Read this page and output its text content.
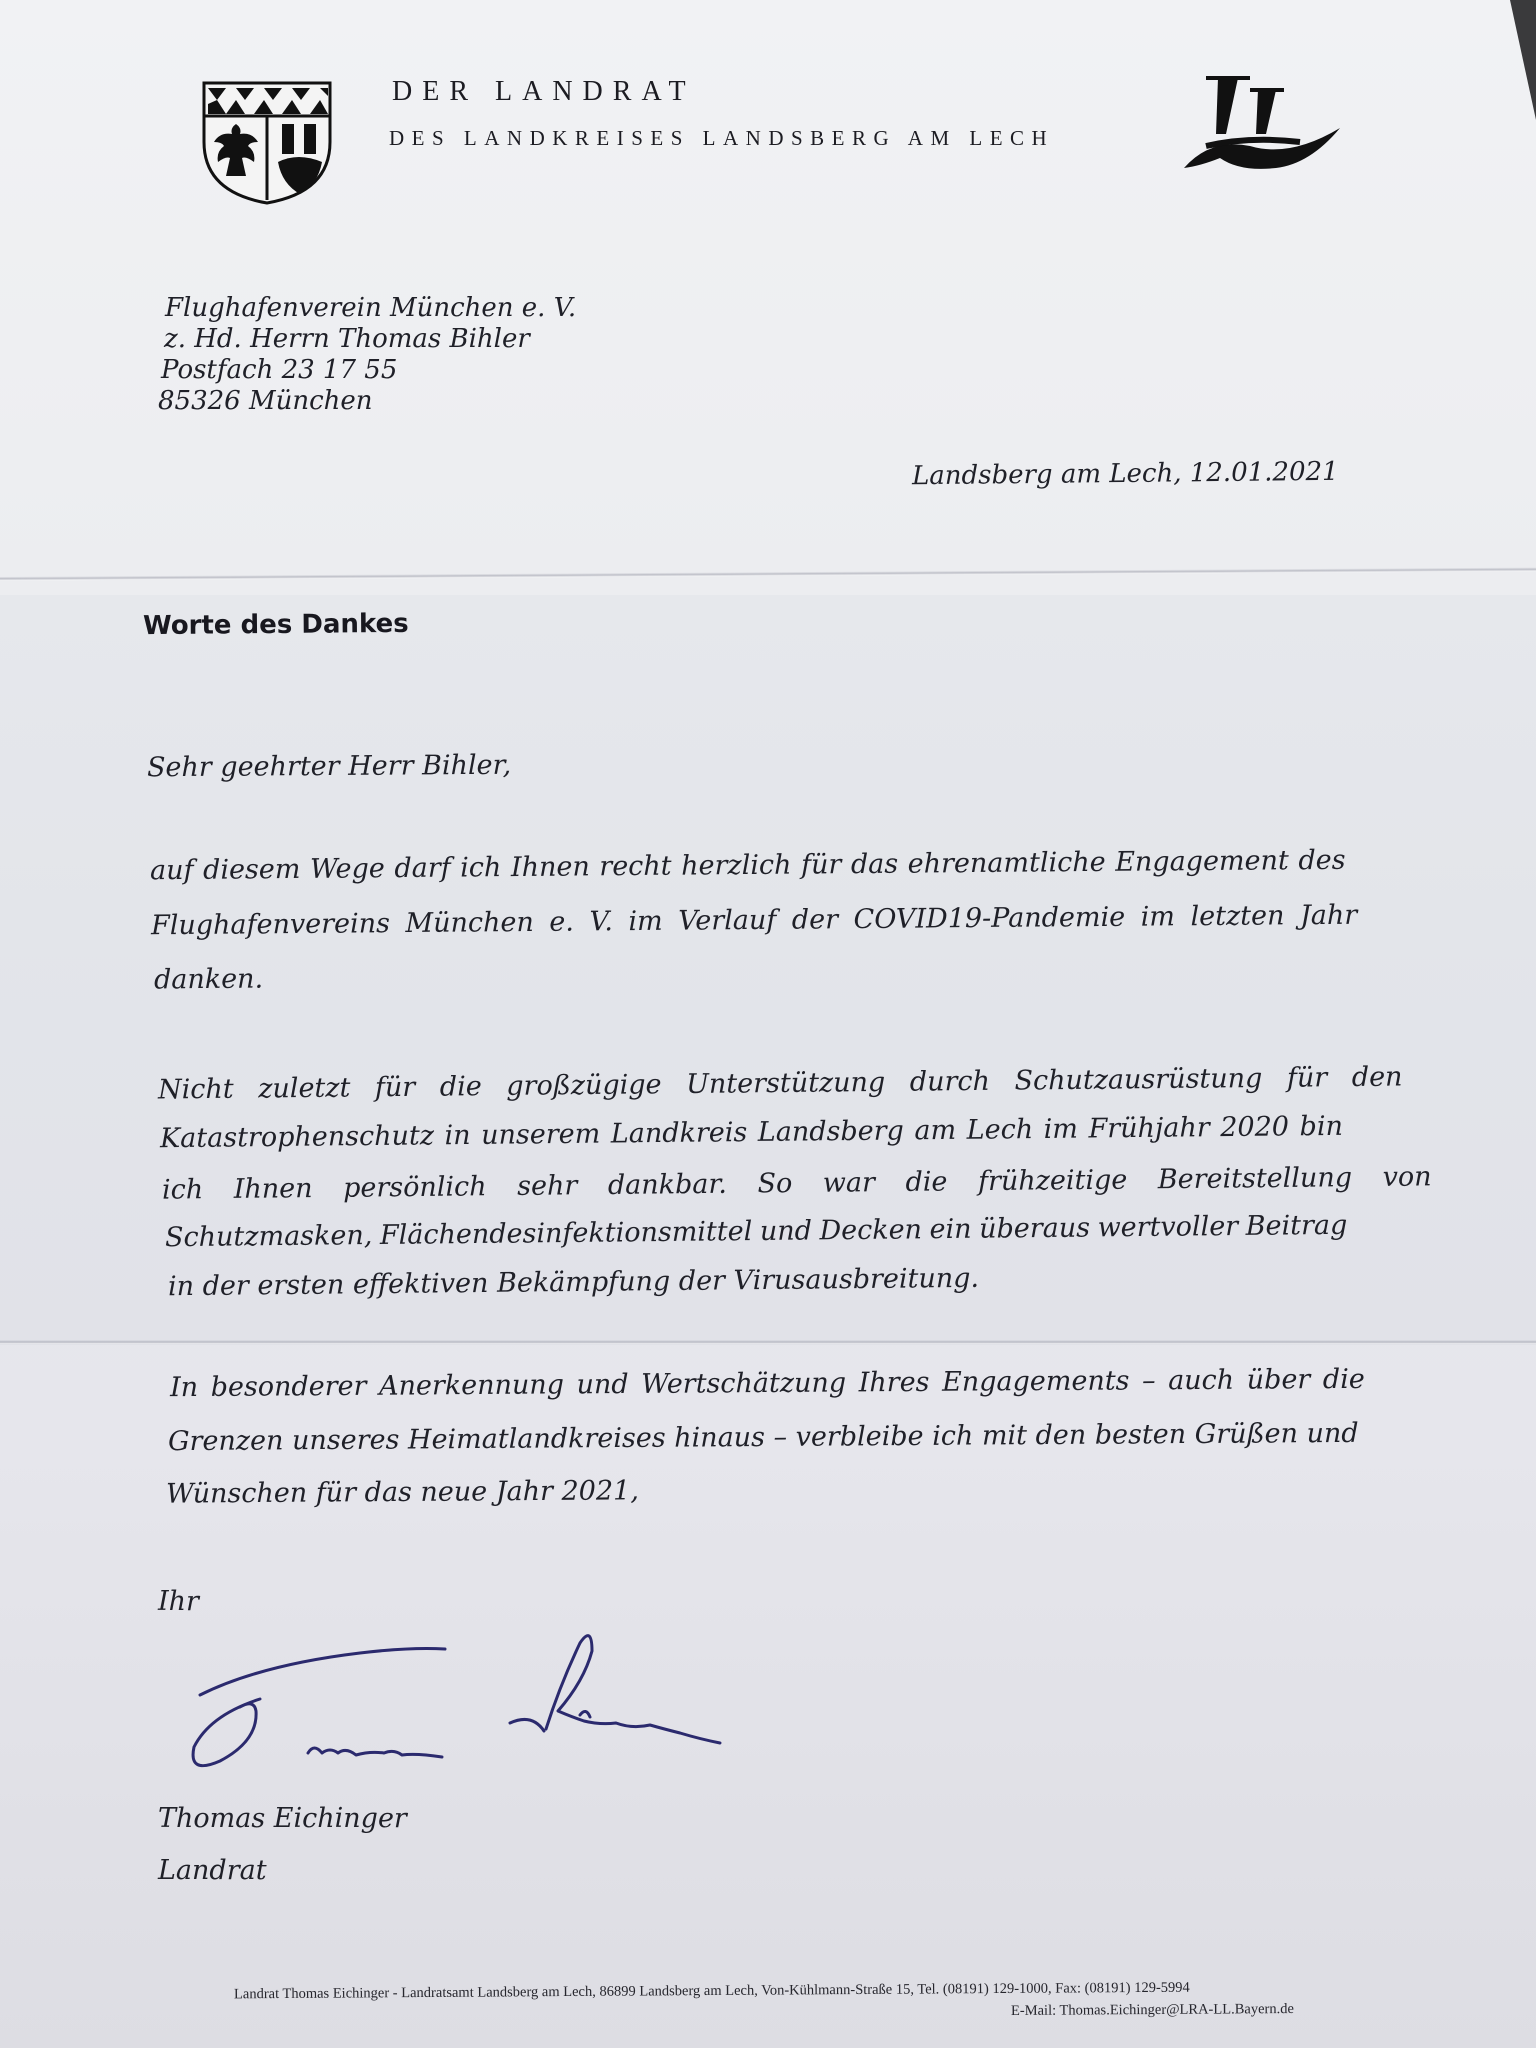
DER LANDRAT
DES LANDKREISES LANDSBERG AM LECH
Flughafenverein München e. V.
z. Hd. Herrn Thomas Bihler
Postfach 23 17 55
85326 München
Landsberg am Lech, 12.01.2021
Worte des Dankes
Sehr geehrter Herr Bihler,
auf diesem Wege darf ich Ihnen recht herzlich für das ehrenamtliche Engagement des
Flughafenvereins München e. V. im Verlauf der COVID19-Pandemie im letzten Jahr
danken.
Nicht zuletzt für die großzügige Unterstützung durch Schutzausrüstung für den
Katastrophenschutz in unserem Landkreis Landsberg am Lech im Frühjahr 2020 bin
ich Ihnen persönlich sehr dankbar. So war die frühzeitige Bereitstellung von
Schutzmasken, Flächendesinfektionsmittel und Decken ein überaus wertvoller Beitrag
in der ersten effektiven Bekämpfung der Virusausbreitung.
In besonderer Anerkennung und Wertschätzung Ihres Engagements – auch über die
Grenzen unseres Heimatlandkreises hinaus – verbleibe ich mit den besten Grüßen und
Wünschen für das neue Jahr 2021,
Ihr
Thomas Eichinger
Landrat
Landrat Thomas Eichinger - Landratsamt Landsberg am Lech, 86899 Landsberg am Lech, Von-Kühlmann-Straße 15, Tel. (08191) 129-1000, Fax: (08191) 129-5994
E-Mail: Thomas.Eichinger@LRA-LL.Bayern.de
